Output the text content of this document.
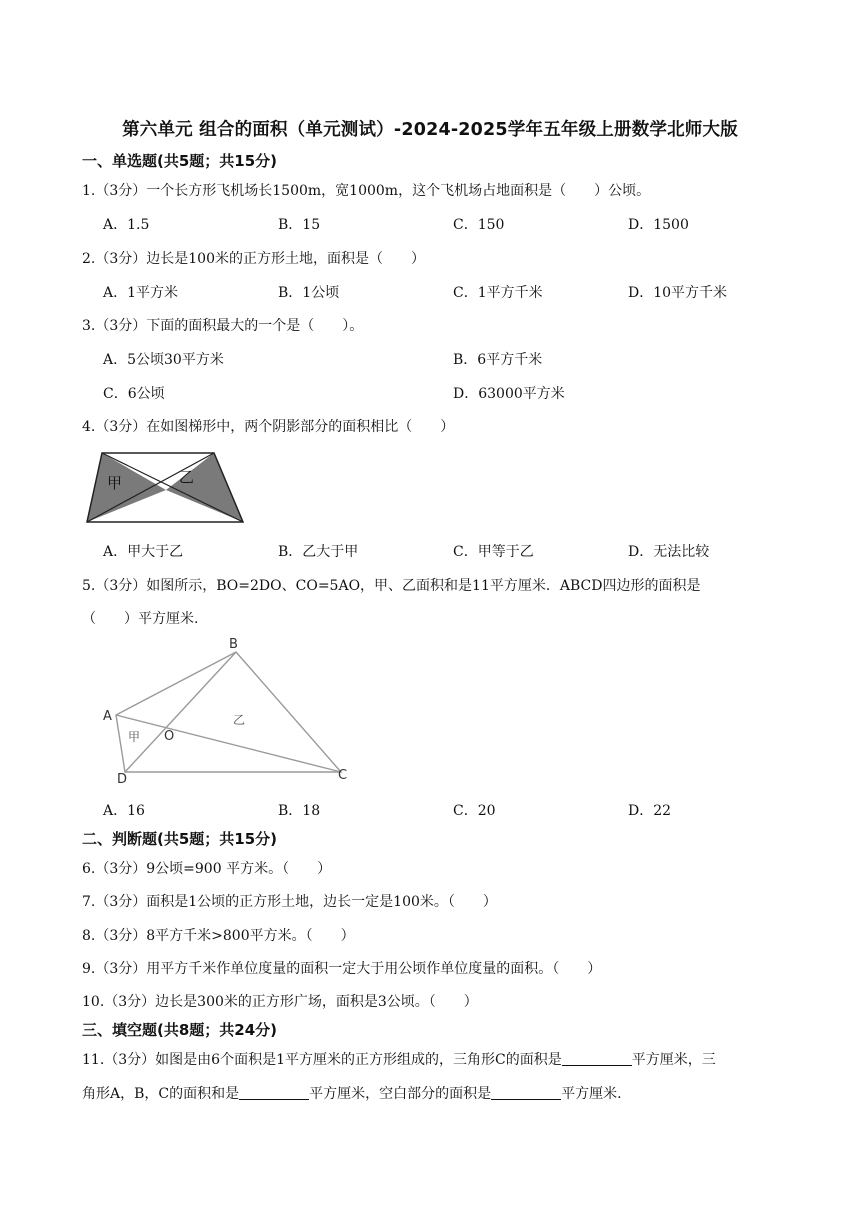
第六单元 组合的面积（单元测试）-2024-2025学年五年级上册数学北师大版
一、单选题(共5题；共15分)
1.（3分）一个长方形飞机场长1500m，宽1000m，这个飞机场占地面积是（　　）公顷。
A．1.5	B．15	C．150	D．1500
2.（3分）边长是100米的正方形土地，面积是（　　）
A．1平方米	B．1公顷	C．1平方千米	D．10平方千米
3.（3分）下面的面积最大的一个是（　　）。
A．5公顷30平方米	B．6平方千米
C．6公顷	D．63000平方米
4.（3分）在如图梯形中，两个阴影部分的面积相比（　　）
甲	乙
A．甲大于乙	B．乙大于甲	C．甲等于乙	D．无法比较
5.（3分）如图所示，BO=2DO、CO=5AO，甲、乙面积和是11平方厘米．ABCD四边形的面积是
（　　）平方厘米.
A
B
C
D
O
甲
乙
A．16	B．18	C．20	D．22
二、判断题(共5题；共15分)
6.（3分）9公顷=900 平方米。（　　）
7.（3分）面积是1公顷的正方形土地，边长一定是100米。（　　）
8.（3分）8平方千米>800平方米。（　　）
9.（3分）用平方千米作单位度量的面积一定大于用公顷作单位度量的面积。（　　）
10.（3分）边长是300米的正方形广场，面积是3公顷。（　　）
三、填空题(共8题；共24分)
11.（3分）如图是由6个面积是1平方厘米的正方形组成的，三角形C的面积是	平方厘米，三
角形A，B，C的面积和是	平方厘米，空白部分的面积是	平方厘米.
